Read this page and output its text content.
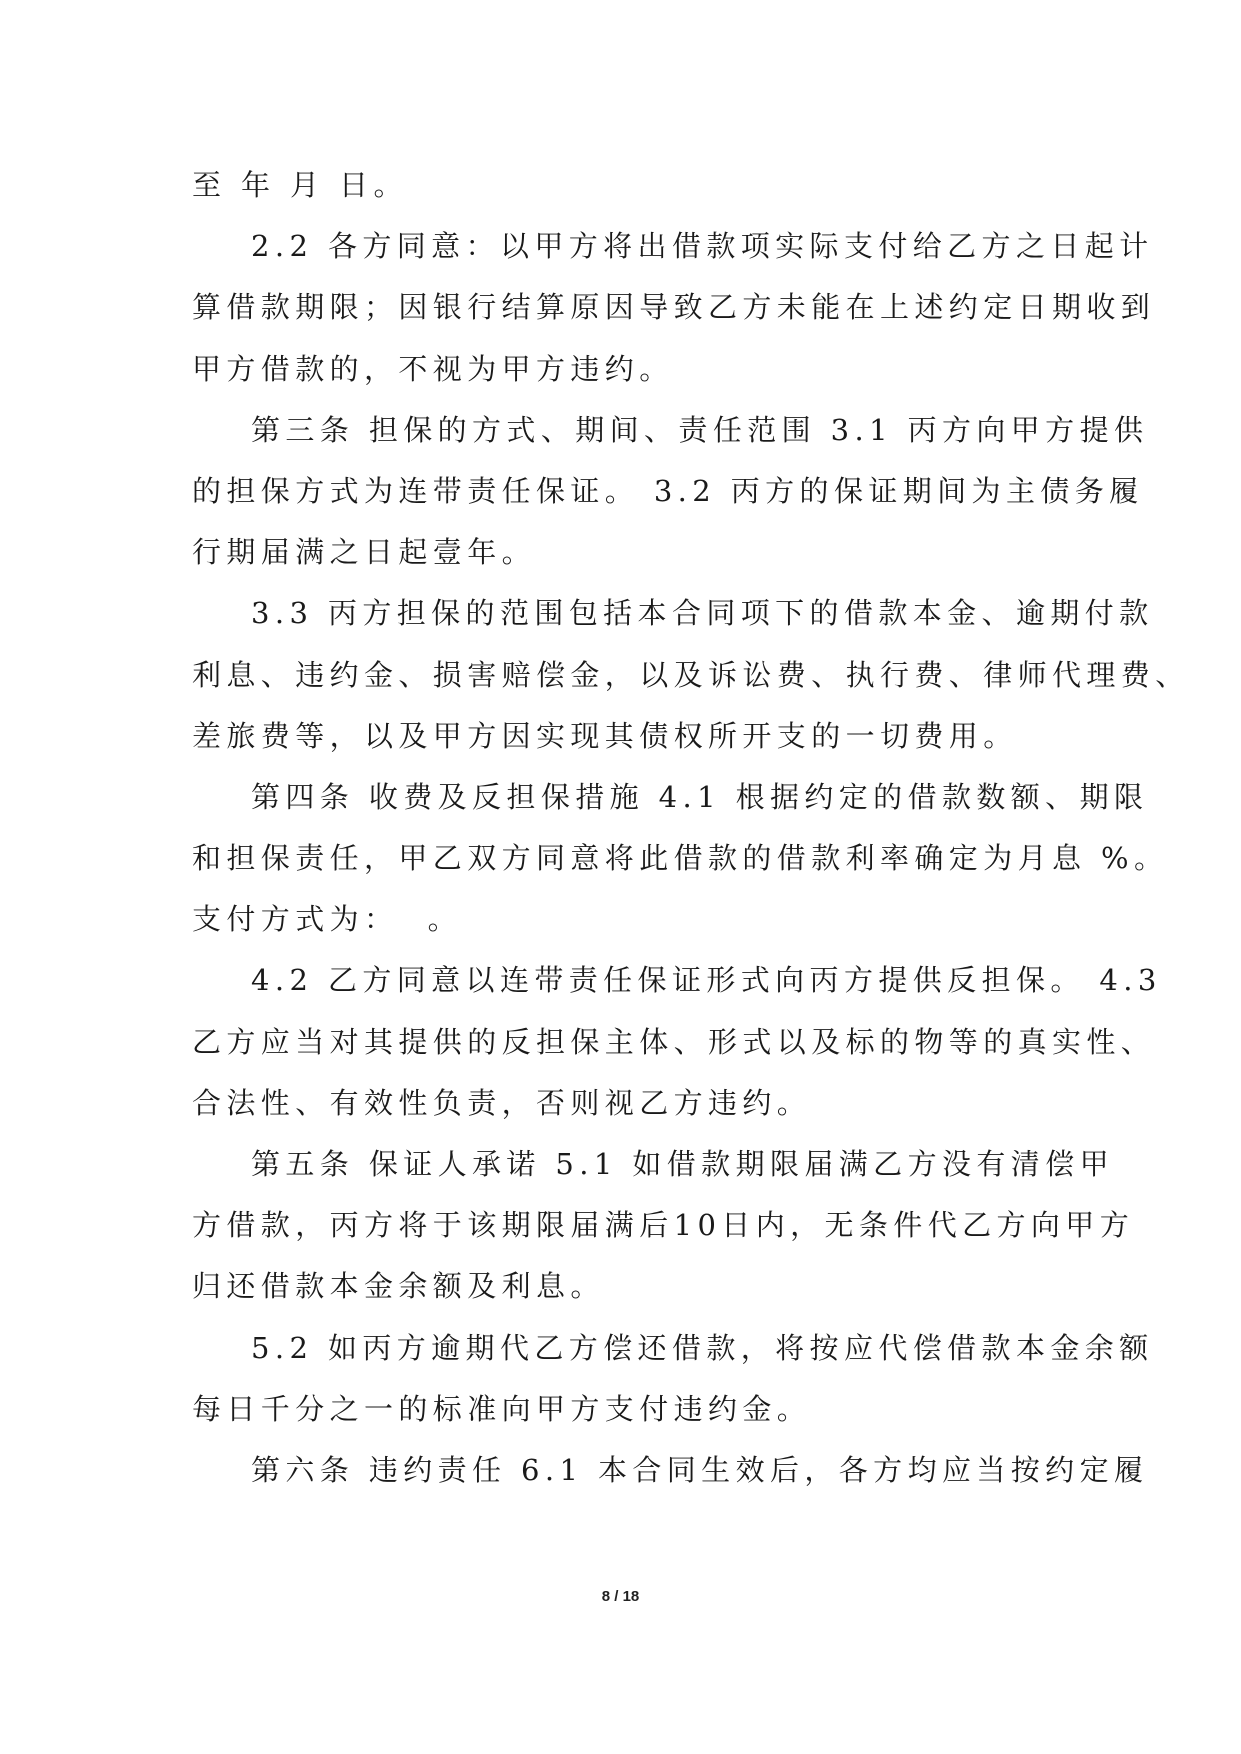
至 年 月 日。
2.2 各方同意：以甲方将出借款项实际支付给乙方之日起计
算借款期限；因银行结算原因导致乙方未能在上述约定日期收到
甲方借款的，不视为甲方违约。
第三条 担保的方式、期间、责任范围 3.1 丙方向甲方提供
的担保方式为连带责任保证。 3.2 丙方的保证期间为主债务履
行期届满之日起壹年。
3.3 丙方担保的范围包括本合同项下的借款本金、逾期付款
利息、违约金、损害赔偿金，以及诉讼费、执行费、律师代理费、
差旅费等，以及甲方因实现其债权所开支的一切费用。
第四条 收费及反担保措施 4.1 根据约定的借款数额、期限
和担保责任，甲乙双方同意将此借款的借款利率确定为月息 %。
支付方式为：  。
4.2 乙方同意以连带责任保证形式向丙方提供反担保。 4.3
乙方应当对其提供的反担保主体、形式以及标的物等的真实性、
合法性、有效性负责，否则视乙方违约。
第五条 保证人承诺 5.1 如借款期限届满乙方没有清偿甲
方借款，丙方将于该期限届满后10日内，无条件代乙方向甲方
归还借款本金余额及利息。
5.2 如丙方逾期代乙方偿还借款，将按应代偿借款本金余额
每日千分之一的标准向甲方支付违约金。
第六条 违约责任 6.1 本合同生效后，各方均应当按约定履
8 / 18
